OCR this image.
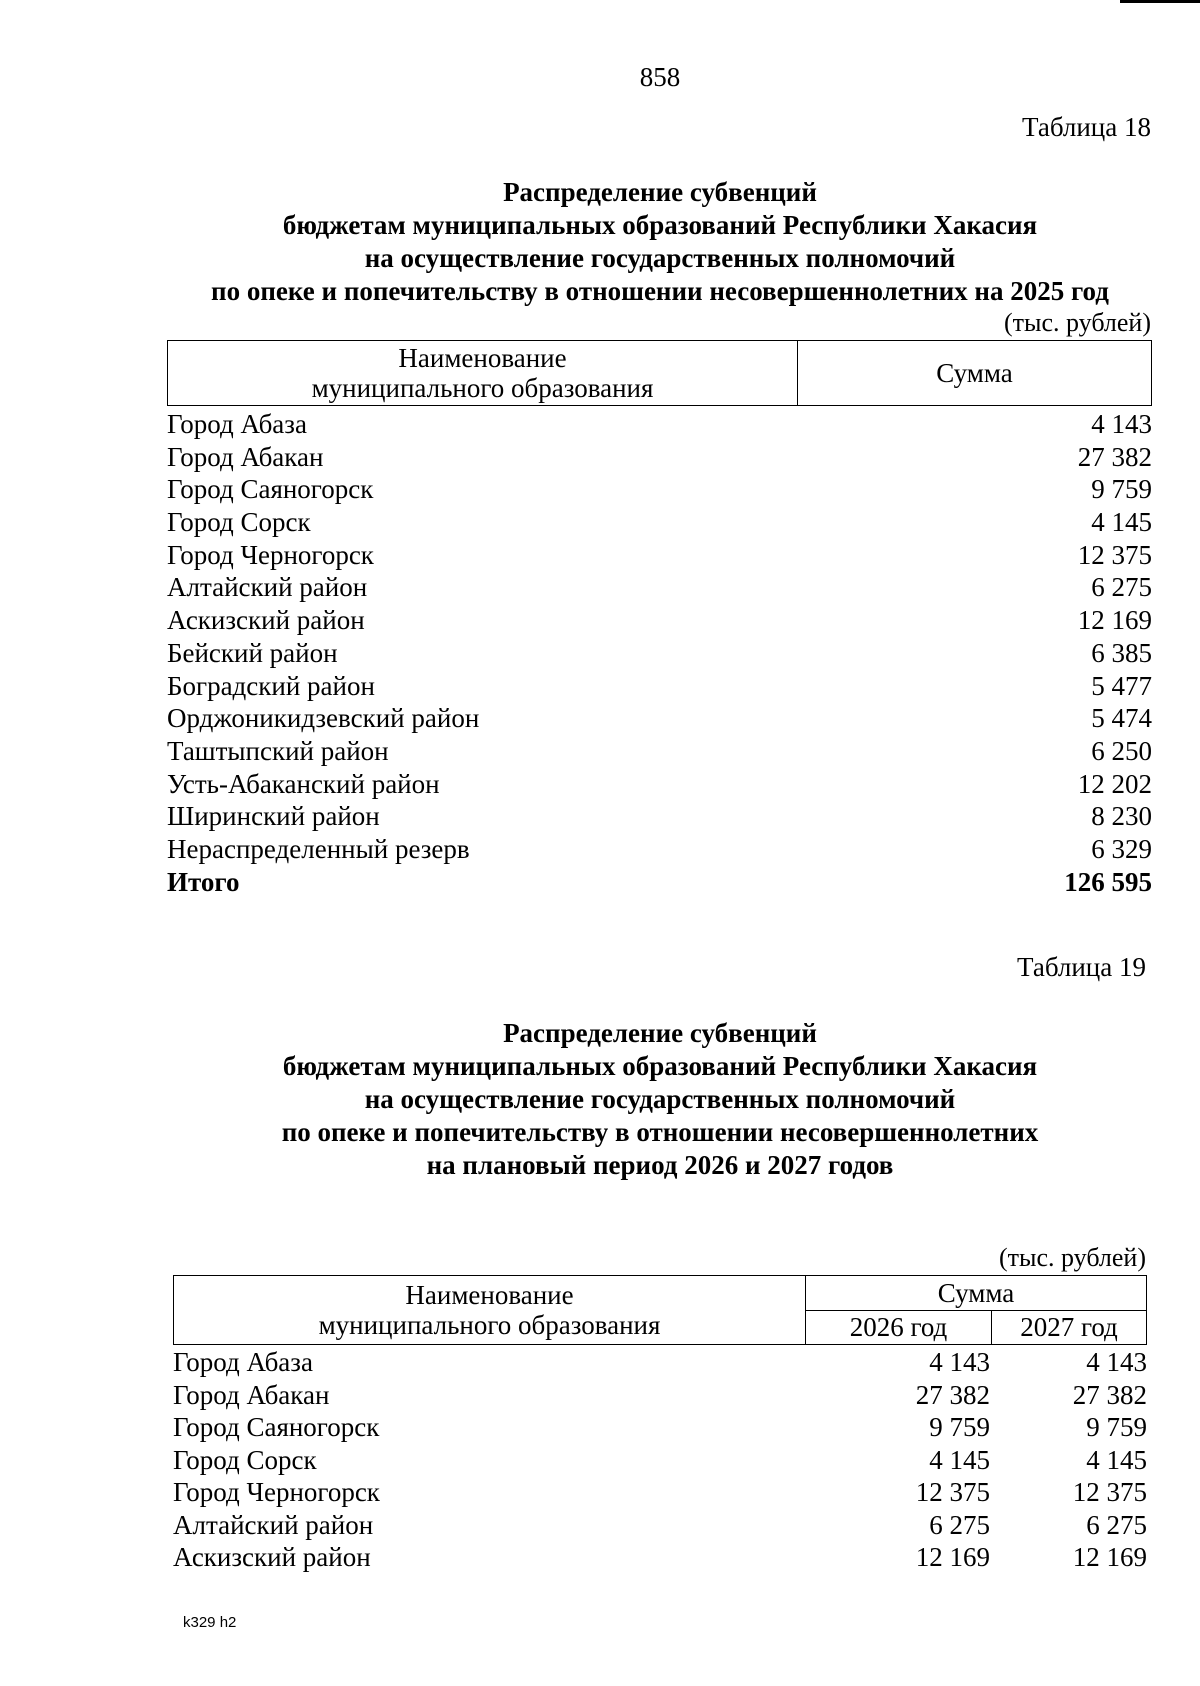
858
Таблица 18
Распределение субвенций
бюджетам муниципальных образований Республики Хакасия
на осуществление государственных полномочий
по опеке и попечительству в отношении несовершеннолетних на 2025 год
(тыс. рублей)
Наименование
муниципального образования	Сумма
Город Абаза	4 143
Город Абакан	27 382
Город Саяногорск	9 759
Город Сорск	4 145
Город Черногорск	12 375
Алтайский район	6 275
Аскизский район	12 169
Бейский район	6 385
Боградский район	5 477
Орджоникидзевский район	5 474
Таштыпский район	6 250
Усть-Абаканский район	12 202
Ширинский район	8 230
Нераспределенный резерв	6 329
Итого	126 595
Таблица 19
Распределение субвенций
бюджетам муниципальных образований Республики Хакасия
на осуществление государственных полномочий
по опеке и попечительству в отношении несовершеннолетних
на плановый период 2026 и 2027 годов
(тыс. рублей)
Наименование
муниципального образования	Сумма	
	2026 год	2027 год
Город Абаза	4 143	4 143
Город Абакан	27 382	27 382
Город Саяногорск	9 759	9 759
Город Сорск	4 145	4 145
Город Черногорск	12 375	12 375
Алтайский район	6 275	6 275
Аскизский район	12 169	12 169
k329 h2
